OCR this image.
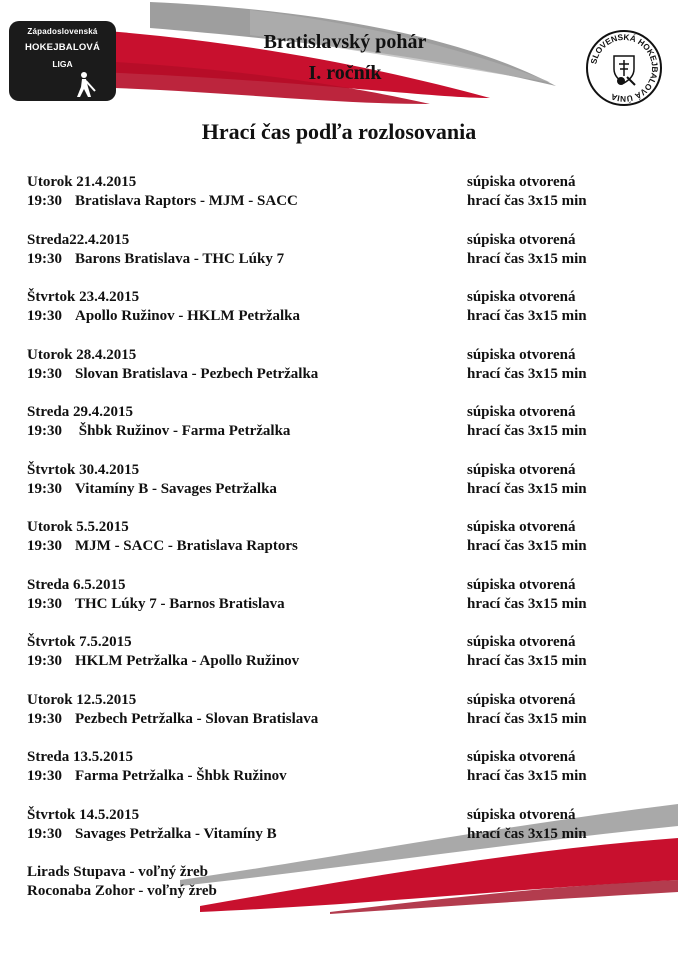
Západoslovenská
HOKEJBALOVÁ
LIGA	SLOVENSKÁ HOKEJBALOVÁ ÚNIA
Bratislavský pohár
I. ročník
Hrací čas podľa rozlosovania
Utorok 21.4.2015
19:30 Bratislava Raptors - MJM - SACC
súpiska otvorená
hrací čas 3x15 min
Streda22.4.2015
19:30 Barons Bratislava - THC Lúky 7
súpiska otvorená
hrací čas 3x15 min
Štvrtok 23.4.2015
19:30 Apollo Ružinov - HKLM Petržalka
súpiska otvorená
hrací čas 3x15 min
Utorok 28.4.2015
19:30 Slovan Bratislava - Pezbech Petržalka
súpiska otvorená
hrací čas 3x15 min
Streda 29.4.2015
19:30 Šhbk Ružinov - Farma Petržalka
súpiska otvorená
hrací čas 3x15 min
Štvrtok 30.4.2015
19:30 Vitamíny B - Savages Petržalka
súpiska otvorená
hrací čas 3x15 min
Utorok 5.5.2015
19:30 MJM - SACC - Bratislava Raptors
súpiska otvorená
hrací čas 3x15 min
Streda 6.5.2015
19:30 THC Lúky 7 - Barnos Bratislava
súpiska otvorená
hrací čas 3x15 min
Štvrtok 7.5.2015
19:30 HKLM Petržalka - Apollo Ružinov
súpiska otvorená
hrací čas 3x15 min
Utorok 12.5.2015
19:30 Pezbech Petržalka - Slovan Bratislava
súpiska otvorená
hrací čas 3x15 min
Streda 13.5.2015
19:30 Farma Petržalka - Šhbk Ružinov
súpiska otvorená
hrací čas 3x15 min
Štvrtok 14.5.2015
19:30 Savages Petržalka - Vitamíny B
súpiska otvorená
hrací čas 3x15 min
Lirads Stupava - voľný žreb
Roconaba Zohor - voľný žreb
